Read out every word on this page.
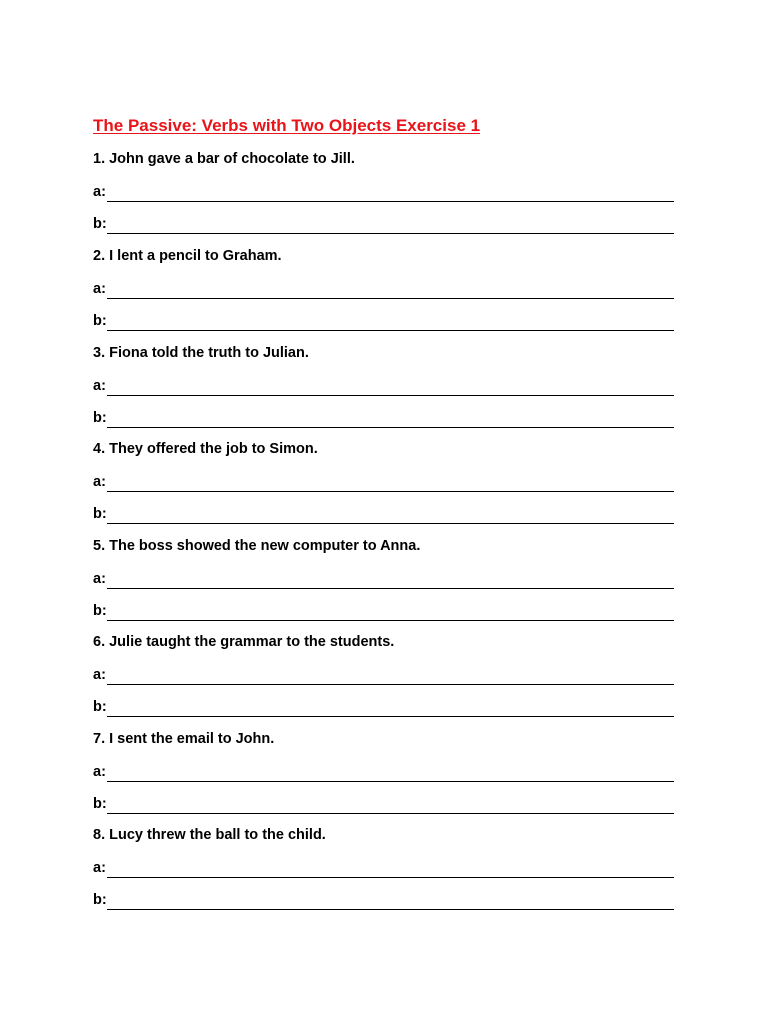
The Passive: Verbs with Two Objects Exercise 1
1. John gave a bar of chocolate to Jill.
a:
b:
2. I lent a pencil to Graham.
a:
b:
3. Fiona told the truth to Julian.
a:
b:
4. They offered the job to Simon.
a:
b:
5. The boss showed the new computer to Anna.
a:
b:
6. Julie taught the grammar to the students.
a:
b:
7. I sent the email to John.
a:
b:
8. Lucy threw the ball to the child.
a:
b:
